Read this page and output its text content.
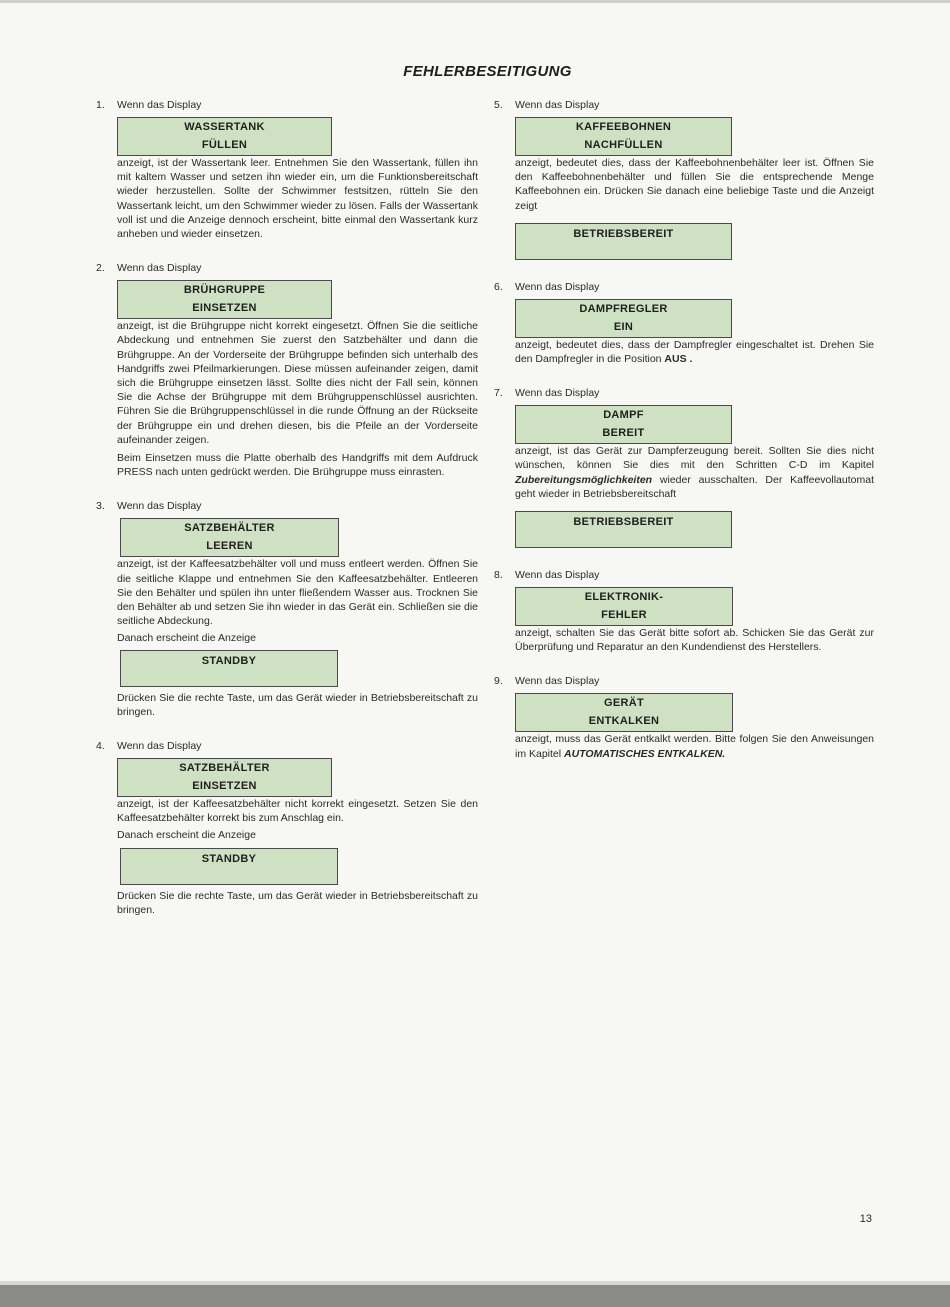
FEHLERBESEITIGUNG
1. Wenn das Display
WASSERTANK
FÜLLEN

anzeigt, ist der Wassertank leer. Entnehmen Sie den Wassertank, füllen ihn mit kaltem Wasser und setzen ihn wieder ein, um die Funktionsbereitschaft wieder herzustellen. Sollte der Schwimmer festsitzen, rütteln Sie den Wassertank leicht, um den Schwimmer wieder zu lösen. Falls der Wassertank voll ist und die Anzeige dennoch erscheint, bitte einmal den Wassertank kurz anheben und wieder einsetzen.

2. Wenn das Display
BRÜHGRUPPE
EINSETZEN

anzeigt, ist die Brühgruppe nicht korrekt eingesetzt. Öffnen Sie die seitliche Abdeckung und entnehmen Sie zuerst den Satzbehälter und dann die Brühgruppe. An der Vorderseite der Brühgruppe befinden sich unterhalb des Handgriffs zwei Pfeilmarkierungen. Diese müssen aufeinander zeigen, damit sich die Brühgruppe einsetzen lässt. Sollte dies nicht der Fall sein, können Sie die Achse der Brühgruppe mit dem Brühgruppenschlüssel ausrichten. Führen Sie die Brühgruppenschlüssel in die runde Öffnung an der Rückseite der Brühgruppe ein und drehen diesen, bis die Pfeile an der Vorderseite aufeinander zeigen.

Beim Einsetzen muss die Platte oberhalb des Handgriffs mit dem Aufdruck PRESS nach unten gedrückt werden. Die Brühgruppe muss einrasten.

3. Wenn das Display
SATZBEHÄLTER
LEEREN

anzeigt, ist der Kaffeesatzbehälter voll und muss entleert werden. Öffnen Sie die seitliche Klappe und entnehmen Sie den Kaffeesatzbehälter. Entleeren Sie den Behälter und spülen ihn unter fließendem Wasser aus. Trocknen Sie den Behälter ab und setzen Sie ihn wieder in das Gerät ein. Schließen sie die seitliche Abdeckung.

Danach erscheint die Anzeige
STANDBY

Drücken Sie die rechte Taste, um das Gerät wieder in Betriebsbereitschaft zu bringen.

4. Wenn das Display
SATZBEHÄLTER
EINSETZEN

anzeigt, ist der Kaffeesatzbehälter nicht korrekt eingesetzt. Setzen Sie den Kaffeesatzbehälter korrekt bis zum Anschlag ein.

Danach erscheint die Anzeige
STANDBY

Drücken Sie die rechte Taste, um das Gerät wieder in Betriebsbereitschaft zu bringen.

5. Wenn das Display
KAFFEEBOHNEN
NACHFÜLLEN

anzeigt, bedeutet dies, dass der Kaffeebohnenbehälter leer ist. Öffnen Sie den Kaffeebohnenbehälter und füllen Sie die entsprechende Menge Kaffeebohnen ein. Drücken Sie danach eine beliebige Taste und die Anzeigt zeigt

BETRIEBSBEREIT
6. Wenn das Display
DAMPFREGLER
EIN

anzeigt, bedeutet dies, dass der Dampfregler eingeschaltet ist. Drehen Sie den Dampfregler in die Position AUS .

7. Wenn das Display
DAMPF
BEREIT

anzeigt, ist das Gerät zur Dampferzeugung bereit. Sollten Sie dies nicht wünschen, können Sie dies mit den Schritten C-D im Kapitel Zubereitungsmöglichkeiten wieder ausschalten. Der Kaffeevollautomat geht wieder in Betriebsbereitschaft

BETRIEBSBEREIT
8. Wenn das Display
ELEKTRONIK-
FEHLER

anzeigt, schalten Sie das Gerät bitte sofort ab. Schicken Sie das Gerät zur Überprüfung und Reparatur an den Kundendienst des Herstellers.

9. Wenn das Display
GERÄT
ENTKALKEN

anzeigt, muss das Gerät entkalkt werden. Bitte folgen Sie den Anweisungen im Kapitel AUTOMATISCHES ENTKALKEN.

13
